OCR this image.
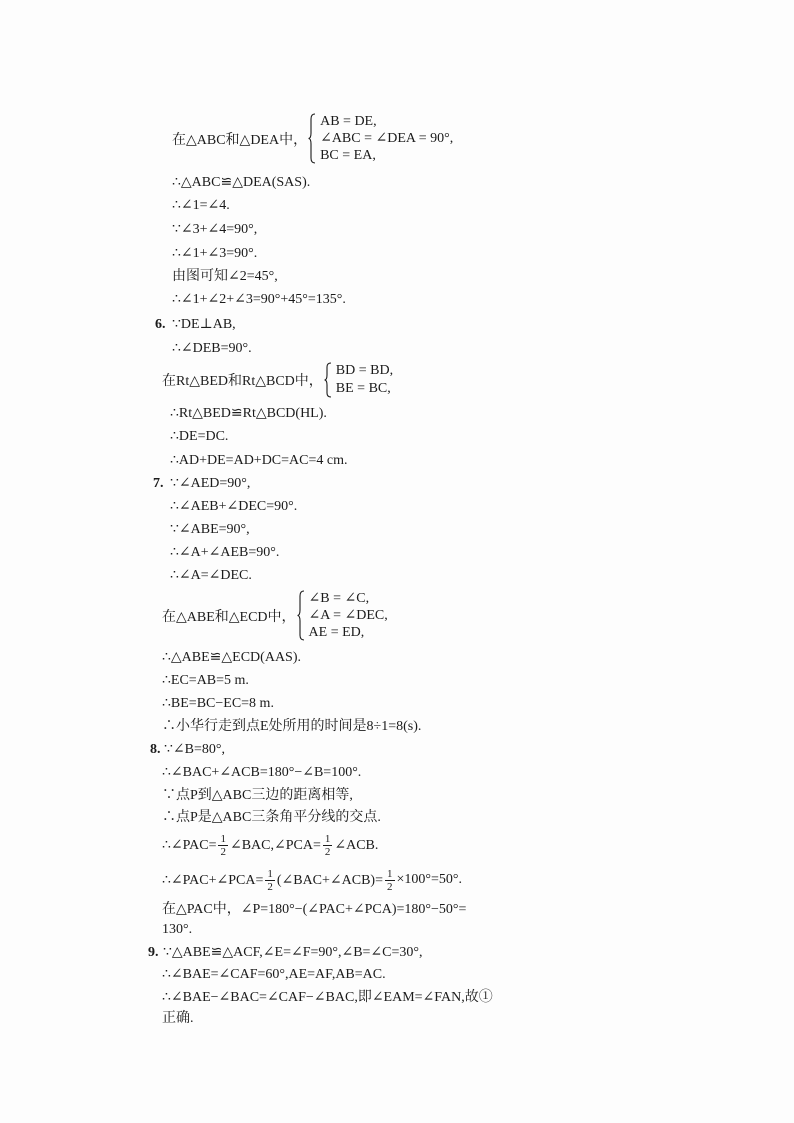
在△ABC和△DEA中，
AB = DE,
∠ABC = ∠DEA = 90°,
BC = EA,
∴△ABC≌△DEA(SAS).
∴∠1=∠4.
∵∠3+∠4=90°,
∴∠1+∠3=90°.
由图可知∠2=45°,
∴∠1+∠2+∠3=90°+45°=135°.
6. ∵DE⊥AB,
∴∠DEB=90°.
在Rt△BED和Rt△BCD中，
BD = BD,
BE = BC,
∴Rt△BED≌Rt△BCD(HL).
∴DE=DC.
∴AD+DE=AD+DC=AC=4 cm.
7. ∵∠AED=90°,
∴∠AEB+∠DEC=90°.
∵∠ABE=90°,
∴∠A+∠AEB=90°.
∴∠A=∠DEC.
在△ABE和△ECD中，
∠B = ∠C,
∠A = ∠DEC,
AE = ED,
∴△ABE≌△ECD(AAS).
∴EC=AB=5 m.
∴BE=BC−EC=8 m.
∴小华行走到点E处所用的时间是8÷1=8(s).
8. ∵∠B=80°,
∴∠BAC+∠ACB=180°−∠B=100°.
∵点P到△ABC三边的距离相等,
∴点P是△ABC三条角平分线的交点.
∴∠PAC= $\frac{1}{2}$ ∠BAC,∠PCA= $\frac{1}{2}$ ∠ACB.
∴∠PAC+∠PCA= $\frac{1}{2}$ (∠BAC+∠ACB)= $\frac{1}{2} \times 100^\circ=50^\circ$.
在△PAC中，∠P=180°−(∠PAC+∠PCA)=180°−50°=
130°.
9. ∵△ABE≌△ACF,∠E=∠F=90°,∠B=∠C=30°,
∴∠BAE=∠CAF=60°,AE=AF,AB=AC.
∴∠BAE−∠BAC=∠CAF−∠BAC,即∠EAM=∠FAN,故①
正确.
